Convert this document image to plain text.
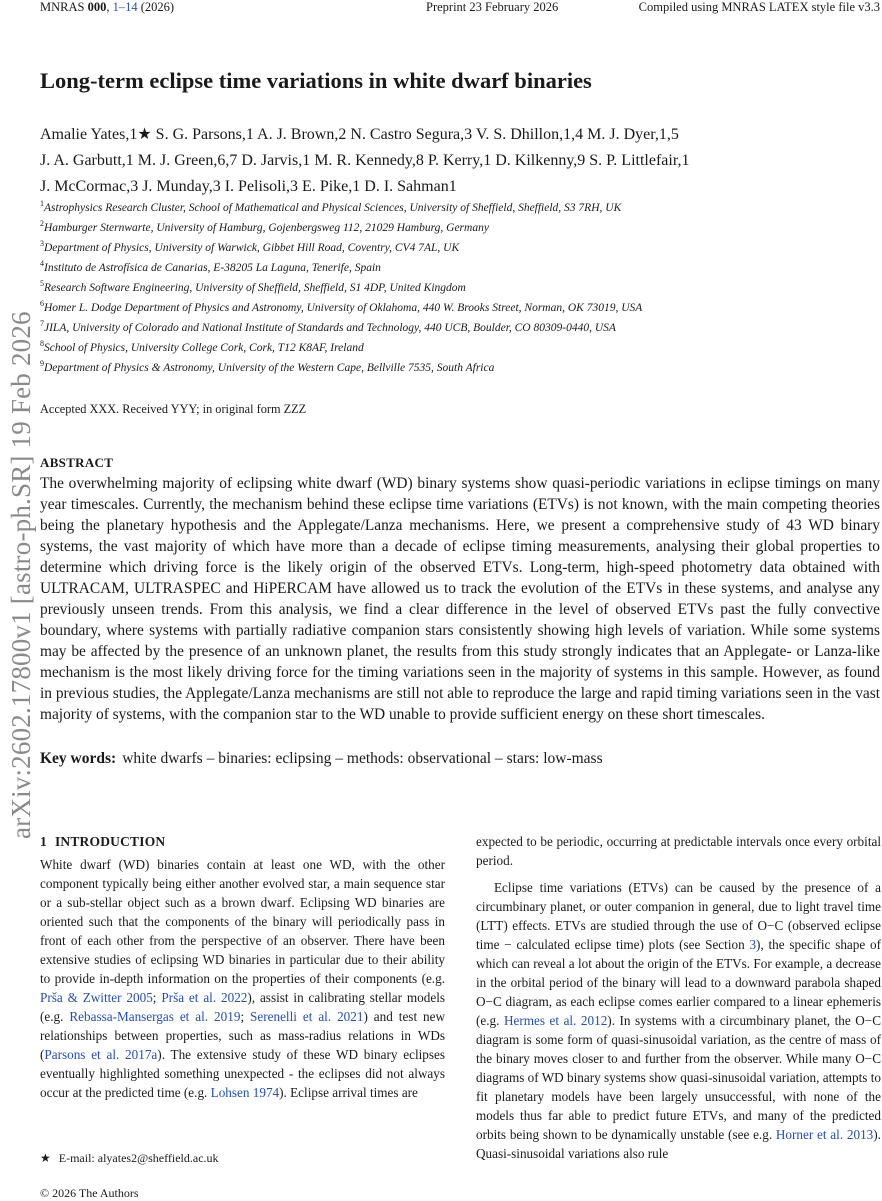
arXiv:2602.17800v1 [astro-ph.SR] 19 Feb 2026
MNRAS 000, 1–14 (2026)	Preprint 23 February 2026	Compiled using MNRAS LATEX style file v3.3
Long-term eclipse time variations in white dwarf binaries
Amalie Yates,1★ S. G. Parsons,1 A. J. Brown,2 N. Castro Segura,3 V. S. Dhillon,1,4 M. J. Dyer,1,5
J. A. Garbutt,1 M. J. Green,6,7 D. Jarvis,1 M. R. Kennedy,8 P. Kerry,1 D. Kilkenny,9 S. P. Littlefair,1
J. McCormac,3 J. Munday,3 I. Pelisoli,3 E. Pike,1 D. I. Sahman1
$^1$Astrophysics Research Cluster, School of Mathematical and Physical Sciences, University of Sheffield, Sheffield, S3 7RH, UK
$^2$Hamburger Sternwarte, University of Hamburg, Gojenbergsweg 112, 21029 Hamburg, Germany
$^3$Department of Physics, University of Warwick, Gibbet Hill Road, Coventry, CV4 7AL, UK
$^4$Instituto de Astrofísica de Canarias, E-38205 La Laguna, Tenerife, Spain
$^5$Research Software Engineering, University of Sheffield, Sheffield, S1 4DP, United Kingdom
$^6$Homer L. Dodge Department of Physics and Astronomy, University of Oklahoma, 440 W. Brooks Street, Norman, OK 73019, USA
$^7$JILA, University of Colorado and National Institute of Standards and Technology, 440 UCB, Boulder, CO 80309-0440, USA
$^8$School of Physics, University College Cork, Cork, T12 K8AF, Ireland
$^9$Department of Physics & Astronomy, University of the Western Cape, Bellville 7535, South Africa
Accepted XXX. Received YYY; in original form ZZZ
ABSTRACT
The overwhelming majority of eclipsing white dwarf (WD) binary systems show quasi-periodic variations in eclipse timings on many year timescales. Currently, the mechanism behind these eclipse time variations (ETVs) is not known, with the main competing theories being the planetary hypothesis and the Applegate/Lanza mechanisms. Here, we present a comprehensive study of 43 WD binary systems, the vast majority of which have more than a decade of eclipse timing measurements, analysing their global properties to determine which driving force is the likely origin of the observed ETVs. Long-term, high-speed photometry data obtained with ULTRACAM, ULTRASPEC and HiPERCAM have allowed us to track the evolution of the ETVs in these systems, and analyse any previously unseen trends. From this analysis, we find a clear difference in the level of observed ETVs past the fully convective boundary, where systems with partially radiative companion stars consistently showing high levels of variation. While some systems may be affected by the presence of an unknown planet, the results from this study strongly indicates that an Applegate- or Lanza-like mechanism is the most likely driving force for the timing variations seen in the majority of systems in this sample. However, as found in previous studies, the Applegate/Lanza mechanisms are still not able to reproduce the large and rapid timing variations seen in the vast majority of systems, with the companion star to the WD unable to provide sufficient energy on these short timescales.
Key words: white dwarfs – binaries: eclipsing – methods: observational – stars: low-mass
1 INTRODUCTION
White dwarf (WD) binaries contain at least one WD, with the other component typically being either another evolved star, a main sequence star or a sub-stellar object such as a brown dwarf. Eclipsing WD binaries are oriented such that the components of the binary will periodically pass in front of each other from the perspective of an observer. There have been extensive studies of eclipsing WD binaries in particular due to their ability to provide in-depth information on the properties of their components (e.g. Prša & Zwitter 2005; Prša et al. 2022), assist in calibrating stellar models (e.g. Rebassa-Mansergas et al. 2019; Serenelli et al. 2021) and test new relationships between properties, such as mass-radius relations in WDs (Parsons et al. 2017a). The extensive study of these WD binary eclipses eventually highlighted something unexpected - the eclipses did not always occur at the predicted time (e.g. Lohsen 1974). Eclipse arrival times are
expected to be periodic, occurring at predictable intervals once every orbital period.
Eclipse time variations (ETVs) can be caused by the presence of a circumbinary planet, or outer companion in general, due to light travel time (LTT) effects. ETVs are studied through the use of O−C (observed eclipse time − calculated eclipse time) plots (see Section 3), the specific shape of which can reveal a lot about the origin of the ETVs. For example, a decrease in the orbital period of the binary will lead to a downward parabola shaped O−C diagram, as each eclipse comes earlier compared to a linear ephemeris (e.g. Hermes et al. 2012). In systems with a circumbinary planet, the O−C diagram is some form of quasi-sinusoidal variation, as the centre of mass of the binary moves closer to and further from the observer. While many O−C diagrams of WD binary systems show quasi-sinusoidal variation, attempts to fit planetary models have been largely unsuccessful, with none of the models thus far able to predict future ETVs, and many of the predicted orbits being shown to be dynamically unstable (see e.g. Horner et al. 2013). Quasi-sinusoidal variations also rule
★ E-mail: alyates2@sheffield.ac.uk
© 2026 The Authors
